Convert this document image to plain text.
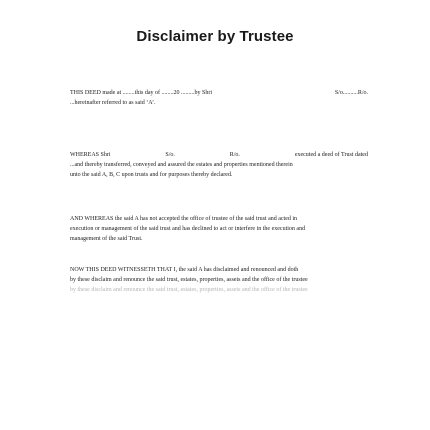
Disclaimer by Trustee
THIS DEED made at ........this day of ........20 .........by Shri	S/o..........R/o.
...hereinafter referred to as said ‘A’.
WHEREAS Shri	S/o.	R/o.	executed a deed of Trust dated
...and thereby transferred, conveyed and assured the estates and properties mentioned therein
unto the said A, B, C upon trusts and for purposes thereby declared.
AND WHEREAS the said A has not accepted the office of trustee of the said trust and acted in
execution or management of the said trust and has declined to act or interfere in the execution and
management of the said Trust.
NOW THIS DEED WITNESSETH THAT I, the said A has disclaimed and renounced and doth
by these disclaim and renounce the said trust, estates, properties, assets and the office of the trustee
by these disclaim and renounce the said trust, estates, properties, assets and the office of the trustee
